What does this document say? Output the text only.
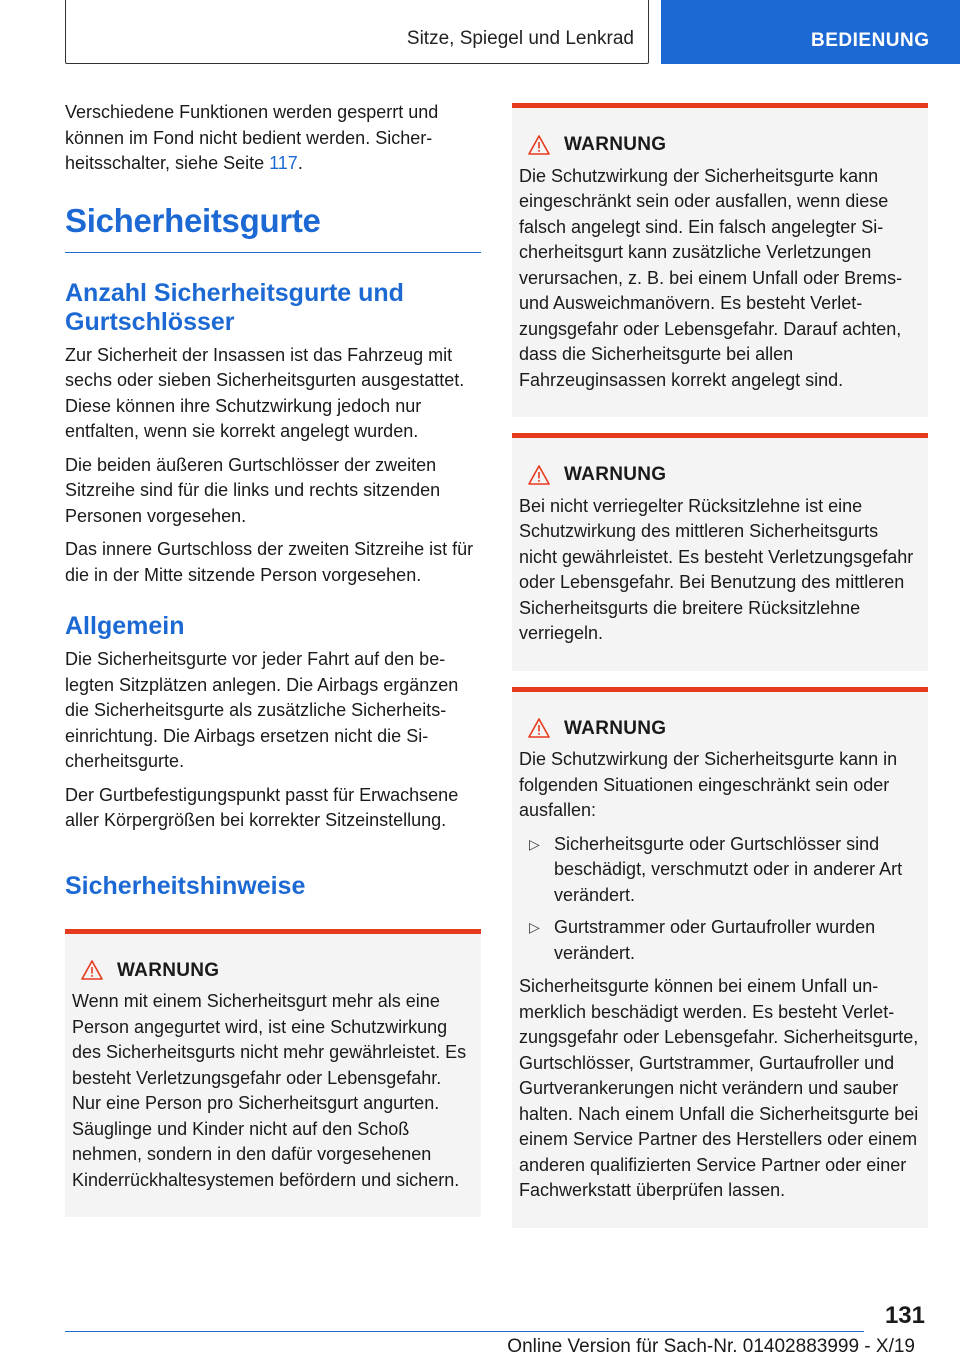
Sitze, Spiegel und Lenkrad	BEDIENUNG

Verschiedene Funktionen werden gesperrt und können im Fond nicht bedient werden. Sicherheitsschalter, siehe Seite 117.

Sicherheitsgurte
Anzahl Sicherheitsgurte und Gurtschlösser

Zur Sicherheit der Insassen ist das Fahrzeug mit sechs oder sieben Sicherheitsgurten ausgestattet. Diese können ihre Schutzwirkung jedoch nur entfalten, wenn sie korrekt angelegt wurden.

Die beiden äußeren Gurtschlösser der zweiten Sitzreihe sind für die links und rechts sitzenden Personen vorgesehen.

Das innere Gurtschloss der zweiten Sitzreihe ist für die in der Mitte sitzende Person vorgesehen.

Allgemein

Die Sicherheitsgurte vor jeder Fahrt auf den belegten Sitzplätzen anlegen. Die Airbags ergänzen die Sicherheitsgurte als zusätzliche Sicherheitseinrichtung. Die Airbags ersetzen nicht die Sicherheitsgurte.

Der Gurtbefestigungspunkt passt für Erwachsene aller Körpergrößen bei korrekter Sitzeinstellung.

Sicherheitshinweise
WARNUNG

Wenn mit einem Sicherheitsgurt mehr als eine Person angegurtet wird, ist eine Schutzwirkung des Sicherheitsgurts nicht mehr gewährleistet. Es besteht Verletzungsgefahr oder Lebensgefahr. Nur eine Person pro Sicherheitsgurt angurten. Säuglinge und Kinder nicht auf den Schoß nehmen, sondern in den dafür vorgesehenen Kinderrückhaltesystemen befördern und sichern.

WARNUNG

Die Schutzwirkung der Sicherheitsgurte kann eingeschränkt sein oder ausfallen, wenn diese falsch angelegt sind. Ein falsch angelegter Sicherheitsgurt kann zusätzliche Verletzungen verursachen, z. B. bei einem Unfall oder Brems- und Ausweichmanövern. Es besteht Verletzungsgefahr oder Lebensgefahr. Darauf achten, dass die Sicherheitsgurte bei allen Fahrzeuginsassen korrekt angelegt sind.

WARNUNG

Bei nicht verriegelter Rücksitzlehne ist eine Schutzwirkung des mittleren Sicherheitsgurts nicht gewährleistet. Es besteht Verletzungsgefahr oder Lebensgefahr. Bei Benutzung des mittleren Sicherheitsgurts die breitere Rücksitzlehne verriegeln.

WARNUNG

Die Schutzwirkung der Sicherheitsgurte kann in folgenden Situationen eingeschränkt sein oder ausfallen:

▷ Sicherheitsgurte oder Gurtschlösser sind beschädigt, verschmutzt oder in anderer Art verändert.
▷ Gurtstrammer oder Gurtaufroller wurden verändert.

Sicherheitsgurte können bei einem Unfall unmerklich beschädigt werden. Es besteht Verletzungsgefahr oder Lebensgefahr. Sicherheitsgurte, Gurtschlösser, Gurtstrammer, Gurtaufroller und Gurtverankerungen nicht verändern und sauber halten. Nach einem Unfall die Sicherheitsgurte bei einem Service Partner des Herstellers oder einem anderen qualifizierten Service Partner oder einer Fachwerkstatt überprüfen lassen.

131
Online Version für Sach-Nr. 01402883999 - X/19
